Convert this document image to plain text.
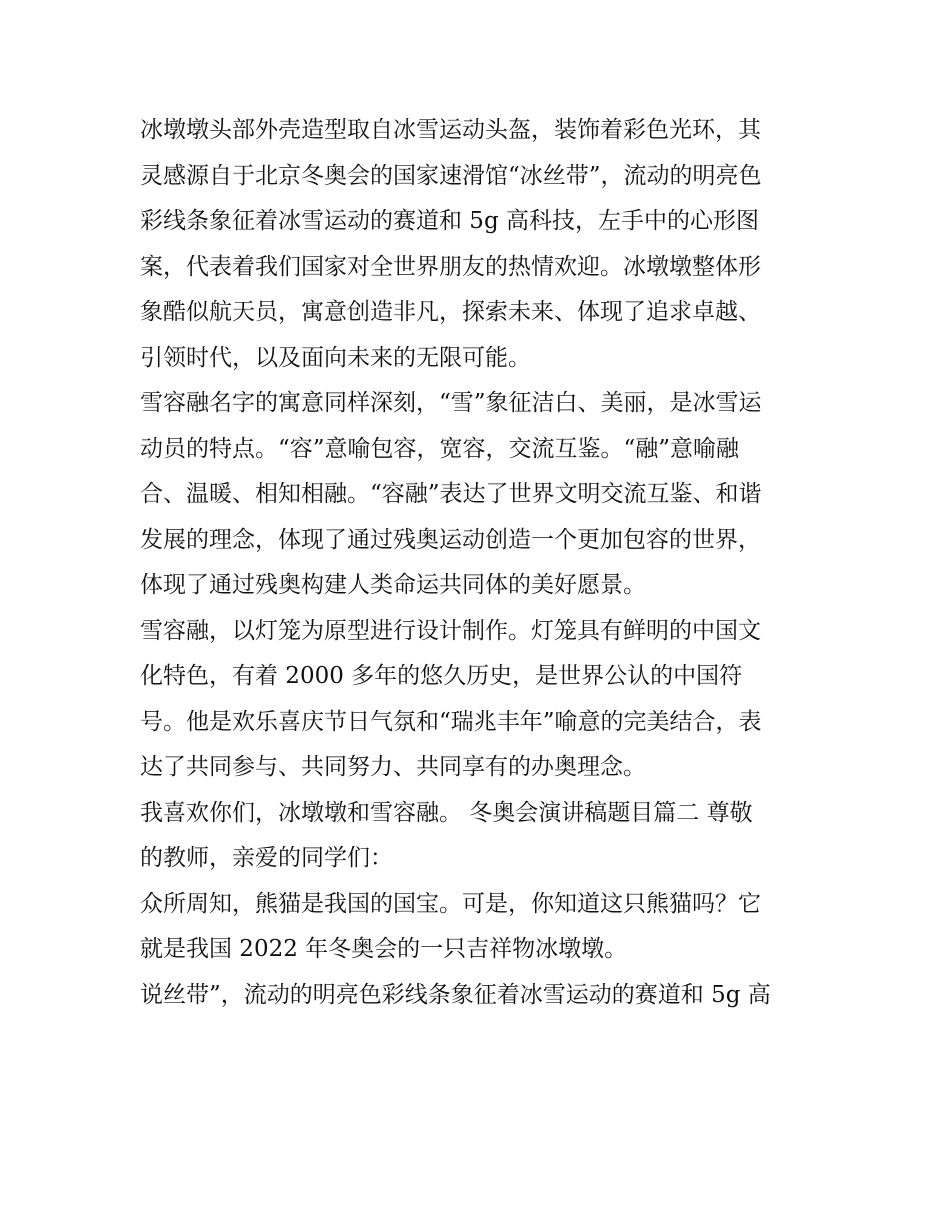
冰墩墩头部外壳造型取自冰雪运动头盔，装饰着彩色光环，其
灵感源自于北京冬奥会的国家速滑馆“冰丝带”，流动的明亮色
彩线条象征着冰雪运动的赛道和 5g 高科技，左手中的心形图
案，代表着我们国家对全世界朋友的热情欢迎。冰墩墩整体形
象酷似航天员，寓意创造非凡，探索未来、体现了追求卓越、
引领时代，以及面向未来的无限可能。
雪容融名字的寓意同样深刻，“雪”象征洁白、美丽，是冰雪运
动员的特点。“容”意喻包容，宽容，交流互鉴。“融”意喻融
合、温暖、相知相融。“容融”表达了世界文明交流互鉴、和谐
发展的理念，体现了通过残奥运动创造一个更加包容的世界，
体现了通过残奥构建人类命运共同体的美好愿景。
雪容融，以灯笼为原型进行设计制作。灯笼具有鲜明的中国文
化特色，有着 2000 多年的悠久历史，是世界公认的中国符
号。他是欢乐喜庆节日气氛和“瑞兆丰年”喻意的完美结合，表
达了共同参与、共同努力、共同享有的办奥理念。
我喜欢你们，冰墩墩和雪容融。 冬奥会演讲稿题目篇二 尊敬
的教师，亲爱的同学们：
众所周知，熊猫是我国的国宝。可是，你知道这只熊猫吗？它
就是我国 2022 年冬奥会的一只吉祥物冰墩墩。
说丝带”，流动的明亮色彩线条象征着冰雪运动的赛道和 5g 高
